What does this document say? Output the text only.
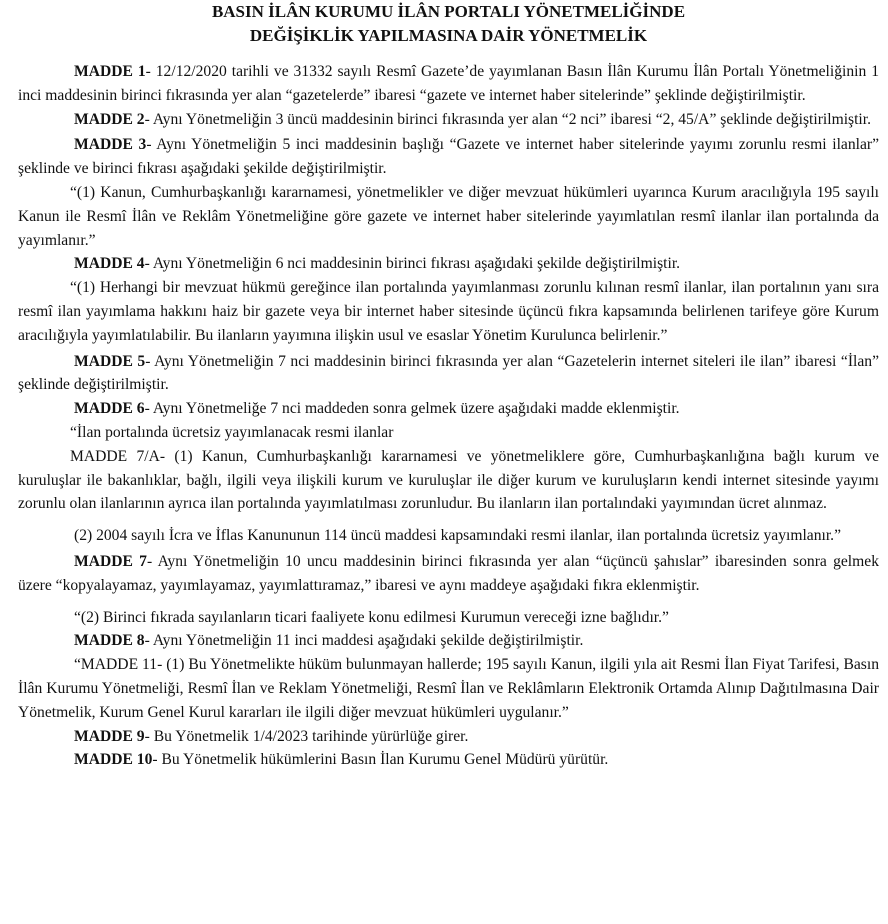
BASIN İLÂN KURUMU İLÂN PORTALI YÖNETMELİĞİNDE
DEĞİŞİKLİK YAPILMASINA DAİR YÖNETMELİK

MADDE 1- 12/12/2020 tarihli ve 31332 sayılı Resmî Gazete’de yayımlanan Basın İlân Kurumu İlân Portalı Yönetmeliğinin 1 inci maddesinin birinci fıkrasında yer alan “gazetelerde” ibaresi “gazete ve internet haber sitelerinde” şeklinde değiştirilmiştir.

MADDE 2- Aynı Yönetmeliğin 3 üncü maddesinin birinci fıkrasında yer alan “2 nci” ibaresi “2, 45/A” şeklinde değiştirilmiştir.

MADDE 3- Aynı Yönetmeliğin 5 inci maddesinin başlığı “Gazete ve internet haber sitelerinde yayımı zorunlu resmi ilanlar” şeklinde ve birinci fıkrası aşağıdaki şekilde değiştirilmiştir.

“(1) Kanun, Cumhurbaşkanlığı kararnamesi, yönetmelikler ve diğer mevzuat hükümleri uyarınca Kurum aracılığıyla 195 sayılı Kanun ile Resmî İlân ve Reklâm Yönetmeliğine göre gazete ve internet haber sitelerinde yayımlatılan resmî ilanlar ilan portalında da yayımlanır.”

MADDE 4- Aynı Yönetmeliğin 6 nci maddesinin birinci fıkrası aşağıdaki şekilde değiştirilmiştir.

“(1) Herhangi bir mevzuat hükmü gereğince ilan portalında yayımlanması zorunlu kılınan resmî ilanlar, ilan portalının yanı sıra resmî ilan yayımlama hakkını haiz bir gazete veya bir internet haber sitesinde üçüncü fıkra kapsamında belirlenen tarifeye göre Kurum aracılığıyla yayımlatılabilir. Bu ilanların yayımına ilişkin usul ve esaslar Yönetim Kurulunca belirlenir.”

MADDE 5- Aynı Yönetmeliğin 7 nci maddesinin birinci fıkrasında yer alan “Gazetelerin internet siteleri ile ilan” ibaresi “İlan” şeklinde değiştirilmiştir.

MADDE 6- Aynı Yönetmeliğe 7 nci maddeden sonra gelmek üzere aşağıdaki madde eklenmiştir.

“İlan portalında ücretsiz yayımlanacak resmi ilanlar

MADDE 7/A- (1) Kanun, Cumhurbaşkanlığı kararnamesi ve yönetmeliklere göre, Cumhurbaşkanlığına bağlı kurum ve kuruluşlar ile bakanlıklar, bağlı, ilgili veya ilişkili kurum ve kuruluşlar ile diğer kurum ve kuruluşların kendi internet sitesinde yayımı zorunlu olan ilanlarının ayrıca ilan portalında yayımlatılması zorunludur. Bu ilanların ilan portalındaki yayımından ücret alınmaz.

(2) 2004 sayılı İcra ve İflas Kanununun 114 üncü maddesi kapsamındaki resmi ilanlar, ilan portalında ücretsiz yayımlanır.”

MADDE 7- Aynı Yönetmeliğin 10 uncu maddesinin birinci fıkrasında yer alan “üçüncü şahıslar” ibaresinden sonra gelmek üzere “kopyalayamaz, yayımlayamaz, yayımlattıramaz,” ibaresi ve aynı maddeye aşağıdaki fıkra eklenmiştir.

“(2) Birinci fıkrada sayılanların ticari faaliyete konu edilmesi Kurumun vereceği izne bağlıdır.”

MADDE 8- Aynı Yönetmeliğin 11 inci maddesi aşağıdaki şekilde değiştirilmiştir.

“MADDE 11- (1) Bu Yönetmelikte hüküm bulunmayan hallerde; 195 sayılı Kanun, ilgili yıla ait Resmi İlan Fiyat Tarifesi, Basın İlân Kurumu Yönetmeliği, Resmî İlan ve Reklam Yönetmeliği, Resmî İlan ve Reklâmların Elektronik Ortamda Alınıp Dağıtılmasına Dair Yönetmelik, Kurum Genel Kurul kararları ile ilgili diğer mevzuat hükümleri uygulanır.”

MADDE 9- Bu Yönetmelik 1/4/2023 tarihinde yürürlüğe girer.

MADDE 10- Bu Yönetmelik hükümlerini Basın İlan Kurumu Genel Müdürü yürütür.
